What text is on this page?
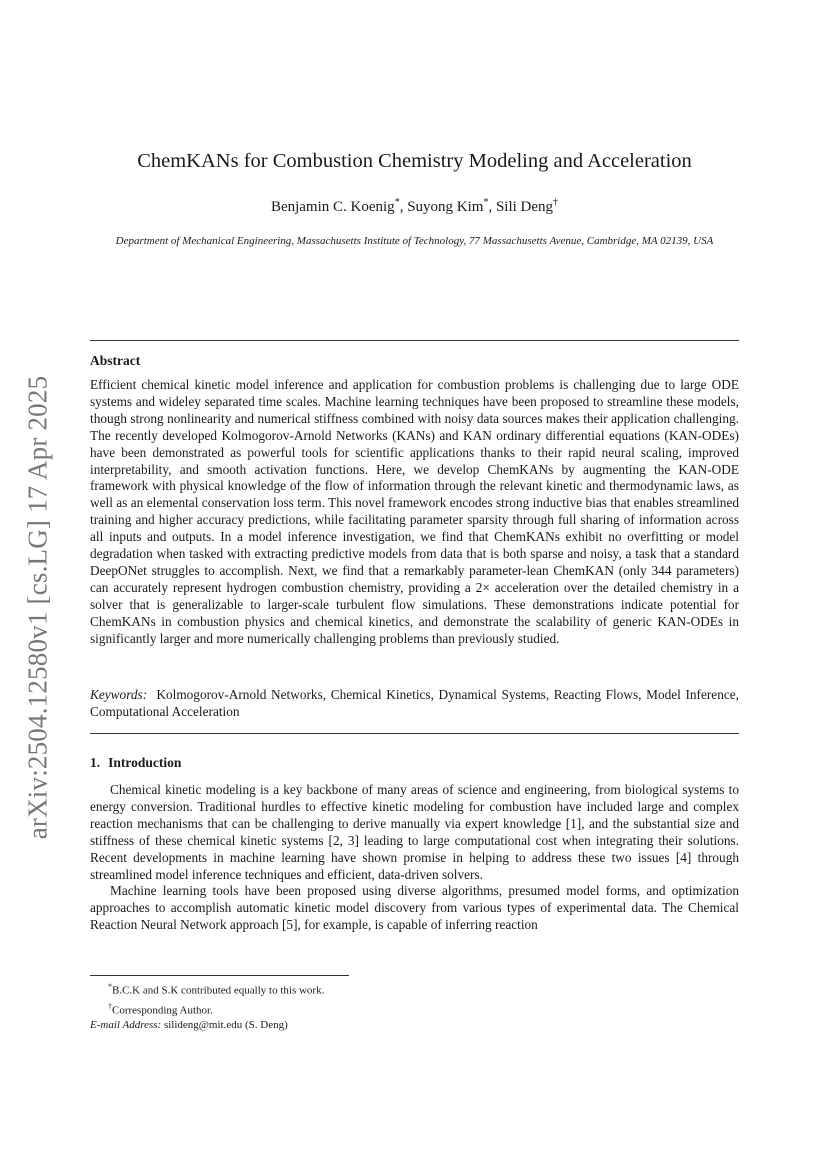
arXiv:2504.12580v1 [cs.LG] 17 Apr 2025
ChemKANs for Combustion Chemistry Modeling and Acceleration
Benjamin C. Koenig*, Suyong Kim*, Sili Deng†
Department of Mechanical Engineering, Massachusetts Institute of Technology, 77 Massachusetts Avenue, Cambridge, MA 02139, USA
Abstract
Efficient chemical kinetic model inference and application for combustion problems is challenging due to large ODE systems and wideley separated time scales. Machine learning techniques have been proposed to streamline these models, though strong nonlinearity and numerical stiffness combined with noisy data sources makes their application challenging. The recently developed Kolmogorov-Arnold Networks (KANs) and KAN ordinary differential equations (KAN-ODEs) have been demonstrated as powerful tools for scientific applications thanks to their rapid neural scaling, improved interpretability, and smooth activation functions. Here, we develop ChemKANs by augmenting the KAN-ODE framework with physical knowledge of the flow of information through the relevant kinetic and thermodynamic laws, as well as an elemental conservation loss term. This novel framework encodes strong inductive bias that enables streamlined training and higher accuracy predictions, while facilitating parameter sparsity through full sharing of information across all inputs and outputs. In a model inference investigation, we find that ChemKANs exhibit no overfitting or model degradation when tasked with extracting predictive models from data that is both sparse and noisy, a task that a standard DeepONet struggles to accomplish. Next, we find that a remarkably parameter-lean ChemKAN (only 344 parameters) can accurately represent hydrogen combustion chemistry, providing a 2× acceleration over the detailed chemistry in a solver that is generalizable to larger-scale turbulent flow simulations. These demonstrations indicate potential for ChemKANs in combustion physics and chemical kinetics, and demonstrate the scalability of generic KAN-ODEs in significantly larger and more numerically challenging problems than previously studied.
Keywords: Kolmogorov-Arnold Networks, Chemical Kinetics, Dynamical Systems, Reacting Flows, Model Inference, Computational Acceleration
1. Introduction

Chemical kinetic modeling is a key backbone of many areas of science and engineering, from biological systems to energy conversion. Traditional hurdles to effective kinetic modeling for combustion have included large and complex reaction mechanisms that can be challenging to derive manually via expert knowledge [1], and the substantial size and stiffness of these chemical kinetic systems [2, 3] leading to large computational cost when integrating their solutions. Recent developments in machine learning have shown promise in helping to address these two issues [4] through streamlined model inference techniques and efficient, data-driven solvers.

Machine learning tools have been proposed using diverse algorithms, presumed model forms, and optimization approaches to accomplish automatic kinetic model discovery from various types of experimental data. The Chemical Reaction Neural Network approach [5], for example, is capable of inferring reaction

*B.C.K and S.K contributed equally to this work.
†Corresponding Author.
E-mail Address: silideng@mit.edu (S. Deng)
